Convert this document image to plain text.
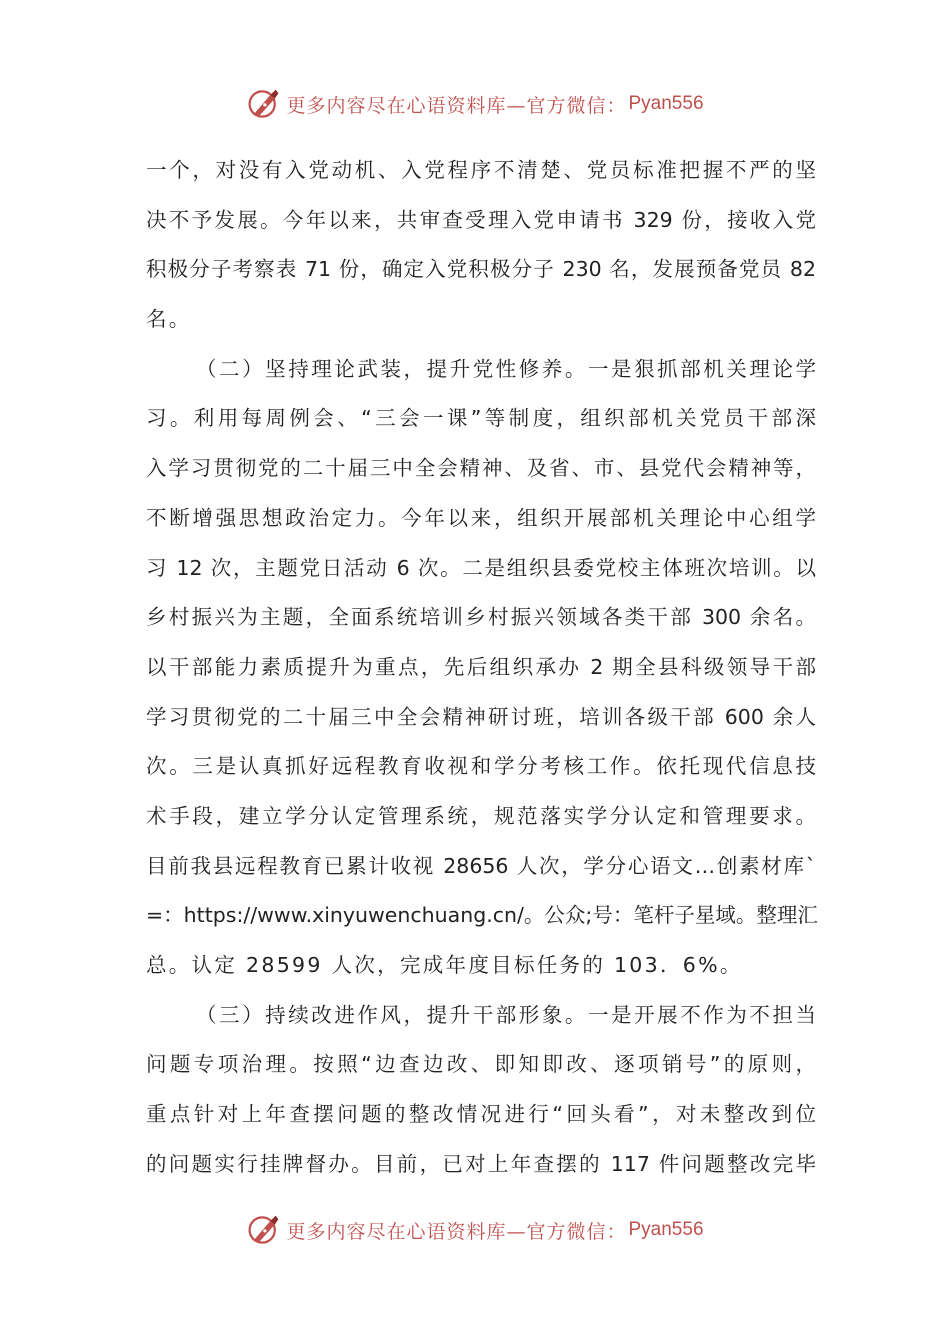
更多内容尽在心语资料库—官方微信： Pyan556
一个，对没有入党动机、入党程序不清楚、党员标准把握不严的坚
决不予发展。今年以来，共审查受理入党申请书 329 份，接收入党
积极分子考察表 71 份，确定入党积极分子 230 名，发展预备党员 82
名。
（二）坚持理论武装，提升党性修养。一是狠抓部机关理论学
习。利用每周例会、“三会一课”等制度，组织部机关党员干部深
入学习贯彻党的二十届三中全会精神、及省、市、县党代会精神等，
不断增强思想政治定力。今年以来，组织开展部机关理论中心组学
习 12 次，主题党日活动 6 次。二是组织县委党校主体班次培训。以
乡村振兴为主题，全面系统培训乡村振兴领域各类干部 300 余名。
以干部能力素质提升为重点，先后组织承办 2 期全县科级领导干部
学习贯彻党的二十届三中全会精神研讨班，培训各级干部 600 余人
次。三是认真抓好远程教育收视和学分考核工作。依托现代信息技
术手段，建立学分认定管理系统，规范落实学分认定和管理要求。
目前我县远程教育已累计收视 28656 人次，学分心语文…创素材库`
=：https://www.xinyuwenchuang.cn/。公众;号：笔杆子星域。整理汇
总。认定 28599 人次，完成年度目标任务的 103．6%。
（三）持续改进作风，提升干部形象。一是开展不作为不担当
问题专项治理。按照“边查边改、即知即改、逐项销号”的原则，
重点针对上年查摆问题的整改情况进行“回头看”，对未整改到位
的问题实行挂牌督办。目前，已对上年查摆的 117 件问题整改完毕
更多内容尽在心语资料库—官方微信： Pyan556
